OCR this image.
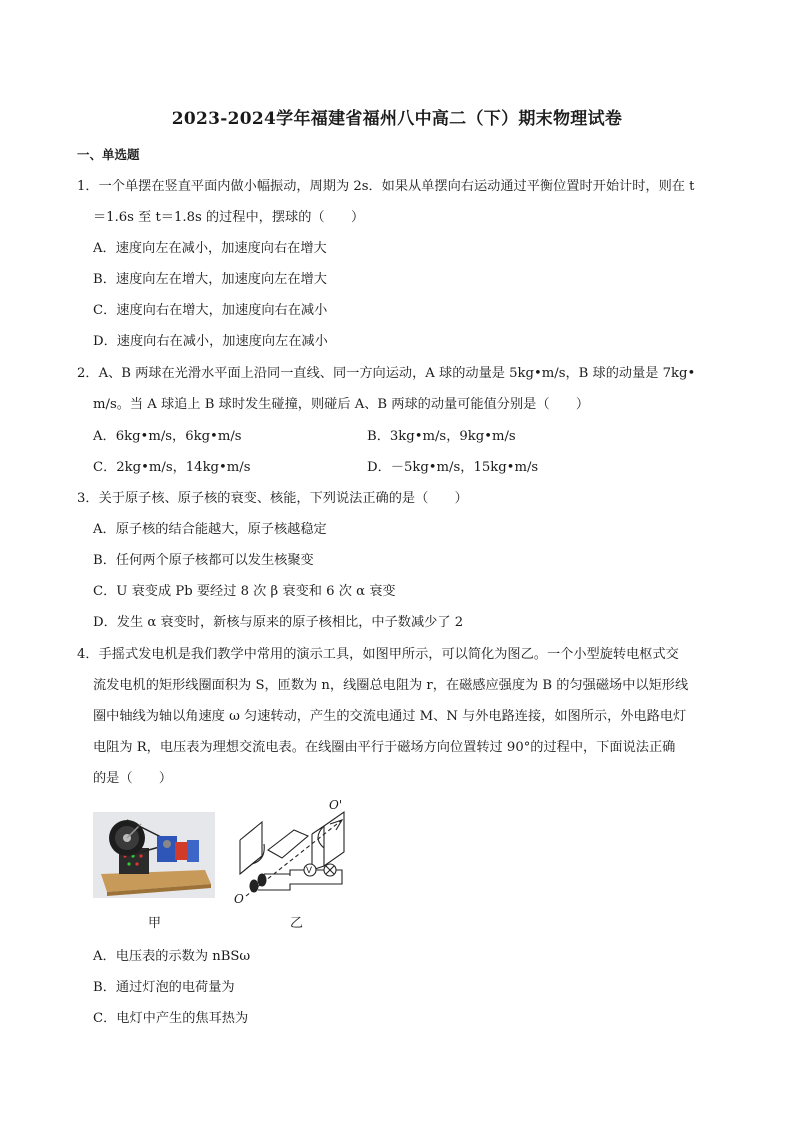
2023-2024学年福建省福州八中高二（下）期末物理试卷
一、单选题
1．一个单摆在竖直平面内做小幅振动，周期为 2s．如果从单摆向右运动通过平衡位置时开始计时，则在 t
＝1.6s 至 t＝1.8s 的过程中，摆球的（　　）
A．速度向左在减小，加速度向右在增大
B．速度向左在增大，加速度向左在增大
C．速度向右在增大，加速度向右在减小
D．速度向右在减小，加速度向左在减小
2．A、B 两球在光滑水平面上沿同一直线、同一方向运动，A 球的动量是 5kg•m/s，B 球的动量是 7kg•
m/s。当 A 球追上 B 球时发生碰撞，则碰后 A、B 两球的动量可能值分别是（　　）
A．6kg•m/s，6kg•m/s	B．3kg•m/s，9kg•m/s
C．2kg•m/s，14kg•m/s	D．－5kg•m/s，15kg•m/s
3．关于原子核、原子核的衰变、核能，下列说法正确的是（　　）
A．原子核的结合能越大，原子核越稳定
B．任何两个原子核都可以发生核聚变
C．U 衰变成 Pb 要经过 8 次 β 衰变和 6 次 α 衰变
D．发生 α 衰变时，新核与原来的原子核相比，中子数减少了 2
4．手摇式发电机是我们教学中常用的演示工具，如图甲所示，可以简化为图乙。一个小型旋转电枢式交
流发电机的矩形线圈面积为 S，匝数为 n，线圈总电阻为 r，在磁感应强度为 B 的匀强磁场中以矩形线
圈中轴线为轴以角速度 ω 匀速转动，产生的交流电通过 M、N 与外电路连接，如图所示，外电路电灯
电阻为 R，电压表为理想交流电表。在线圈由平行于磁场方向位置转过 90°的过程中，下面说法正确
的是（　　）
V
O
O'
甲	乙
A．电压表的示数为 nBSω
B．通过灯泡的电荷量为
C．电灯中产生的焦耳热为
